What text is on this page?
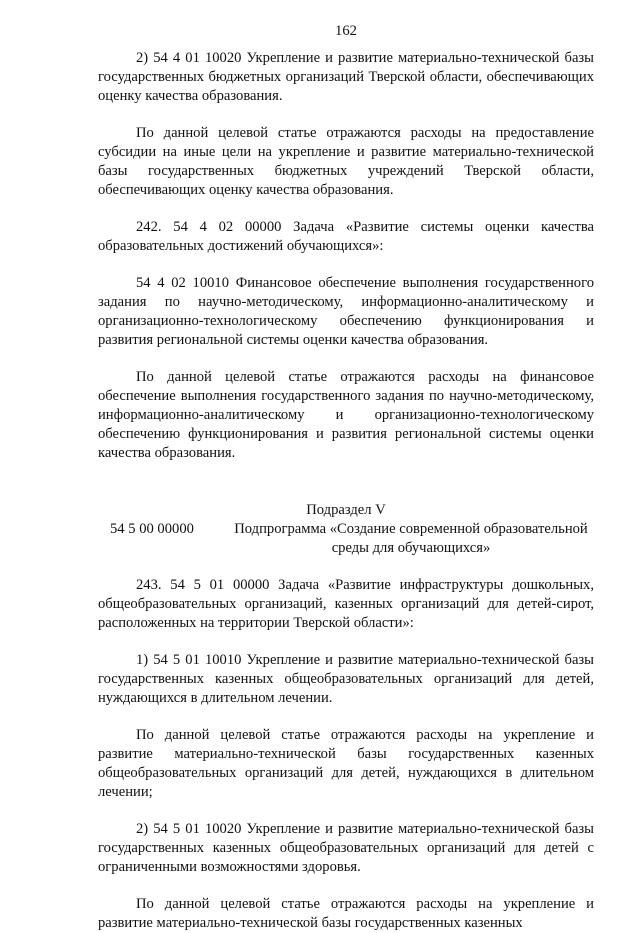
162

2) 54 4 01 10020 Укрепление и развитие материально-технической базы государственных бюджетных организаций Тверской области, обеспечивающих оценку качества образования.

По данной целевой статье отражаются расходы на предоставление субсидии на иные цели на укрепление и развитие материально-технической базы государственных бюджетных учреждений Тверской области, обеспечивающих оценку качества образования.

242. 54 4 02 00000 Задача «Развитие системы оценки качества образовательных достижений обучающихся»:

54 4 02 10010 Финансовое обеспечение выполнения государственного задания по научно-методическому, информационно-аналитическому и организационно-технологическому обеспечению функционирования и развития региональной системы оценки качества образования.

По данной целевой статье отражаются расходы на финансовое обеспечение выполнения государственного задания по научно-методическому, информационно-аналитическому и организационно-технологическому обеспечению функционирования и развития региональной системы оценки качества образования.

Подраздел V
54 5 00 00000	Подпрограмма «Создание современной образовательной среды для обучающихся»

243. 54 5 01 00000 Задача «Развитие инфраструктуры дошкольных, общеобразовательных организаций, казенных организаций для детей-сирот, расположенных на территории Тверской области»:

1) 54 5 01 10010 Укрепление и развитие материально-технической базы государственных казенных общеобразовательных организаций для детей, нуждающихся в длительном лечении.

По данной целевой статье отражаются расходы на укрепление и развитие материально-технической базы государственных казенных общеобразовательных организаций для детей, нуждающихся в длительном лечении;

2) 54 5 01 10020 Укрепление и развитие материально-технической базы государственных казенных общеобразовательных организаций для детей с ограниченными возможностями здоровья.

По данной целевой статье отражаются расходы на укрепление и развитие материально-технической базы государственных казенных
